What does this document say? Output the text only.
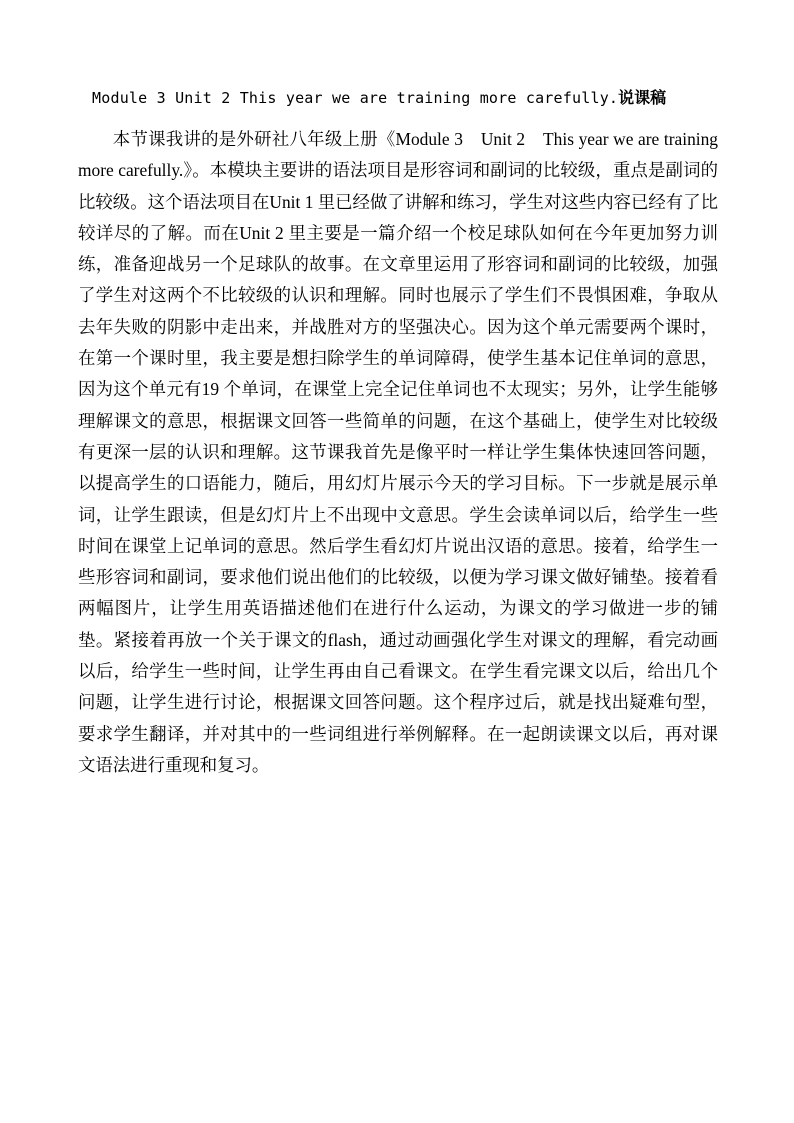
Module 3 Unit 2 This year we are training more carefully.说课稿

本节课我讲的是外研社八年级上册《Module 3　Unit 2　This year we are training more carefully.》。本模块主要讲的语法项目是形容词和副词的比较级，重点是副词的比较级。这个语法项目在Unit 1 里已经做了讲解和练习，学生对这些内容已经有了比较详尽的了解。而在Unit 2 里主要是一篇介绍一个校足球队如何在今年更加努力训练，准备迎战另一个足球队的故事。在文章里运用了形容词和副词的比较级，加强了学生对这两个不比较级的认识和理解。同时也展示了学生们不畏惧困难，争取从去年失败的阴影中走出来，并战胜对方的坚强决心。因为这个单元需要两个课时，在第一个课时里，我主要是想扫除学生的单词障碍，使学生基本记住单词的意思，因为这个单元有19 个单词，在课堂上完全记住单词也不太现实；另外，让学生能够理解课文的意思，根据课文回答一些简单的问题，在这个基础上，使学生对比较级有更深一层的认识和理解。这节课我首先是像平时一样让学生集体快速回答问题，以提高学生的口语能力，随后，用幻灯片展示今天的学习目标。下一步就是展示单词，让学生跟读，但是幻灯片上不出现中文意思。学生会读单词以后，给学生一些时间在课堂上记单词的意思。然后学生看幻灯片说出汉语的意思。接着，给学生一些形容词和副词，要求他们说出他们的比较级，以便为学习课文做好铺垫。接着看两幅图片，让学生用英语描述他们在进行什么运动，为课文的学习做进一步的铺垫。紧接着再放一个关于课文的flash，通过动画强化学生对课文的理解，看完动画以后，给学生一些时间，让学生再由自己看课文。在学生看完课文以后，给出几个问题，让学生进行讨论，根据课文回答问题。这个程序过后，就是找出疑难句型，要求学生翻译，并对其中的一些词组进行举例解释。在一起朗读课文以后，再对课文语法进行重现和复习。
